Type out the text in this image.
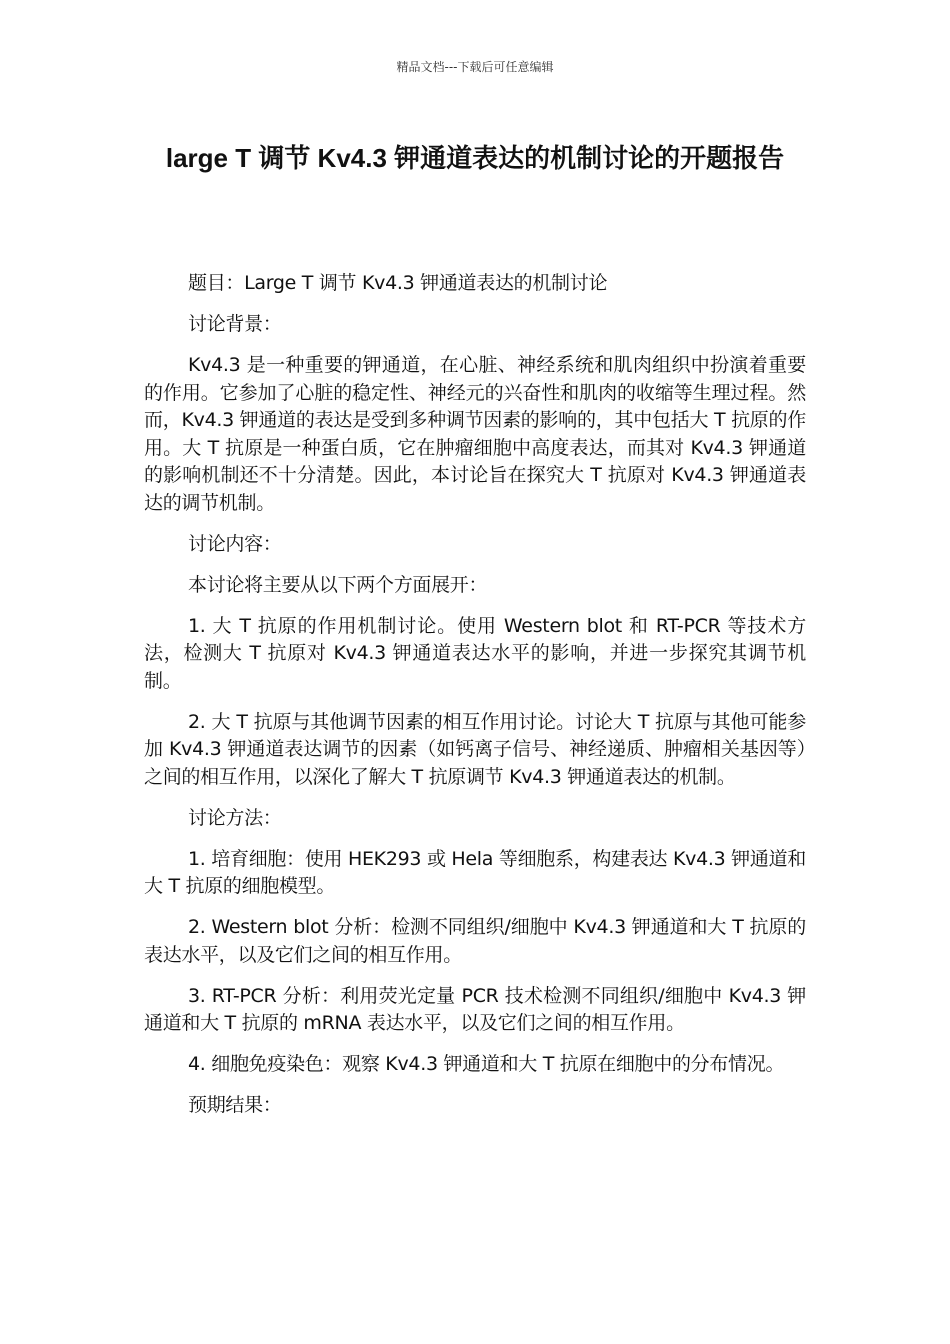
精品文档---下载后可任意编辑
large T 调节 Kv4.3 钾通道表达的机制讨论的开题报告

题目：Large T 调节 Kv4.3 钾通道表达的机制讨论

讨论背景：

Kv4.3 是一种重要的钾通道，在心脏、神经系统和肌肉组织中扮演着重要的作用。它参加了心脏的稳定性、神经元的兴奋性和肌肉的收缩等生理过程。然而，Kv4.3 钾通道的表达是受到多种调节因素的影响的，其中包括大 T 抗原的作用。大 T 抗原是一种蛋白质，它在肿瘤细胞中高度表达，而其对 Kv4.3 钾通道的影响机制还不十分清楚。因此，本讨论旨在探究大 T 抗原对 Kv4.3 钾通道表达的调节机制。

讨论内容：

本讨论将主要从以下两个方面展开：

1. 大 T 抗原的作用机制讨论。使用 Western blot 和 RT-PCR 等技术方法，检测大 T 抗原对 Kv4.3 钾通道表达水平的影响，并进一步探究其调节机制。

2. 大 T 抗原与其他调节因素的相互作用讨论。讨论大 T 抗原与其他可能参加 Kv4.3 钾通道表达调节的因素（如钙离子信号、神经递质、肿瘤相关基因等）之间的相互作用，以深化了解大 T 抗原调节 Kv4.3 钾通道表达的机制。

讨论方法：

1. 培育细胞：使用 HEK293 或 Hela 等细胞系，构建表达 Kv4.3 钾通道和大 T 抗原的细胞模型。

2. Western blot 分析：检测不同组织/细胞中 Kv4.3 钾通道和大 T 抗原的表达水平，以及它们之间的相互作用。

3. RT-PCR 分析：利用荧光定量 PCR 技术检测不同组织/细胞中 Kv4.3 钾通道和大 T 抗原的 mRNA 表达水平，以及它们之间的相互作用。

4. 细胞免疫染色：观察 Kv4.3 钾通道和大 T 抗原在细胞中的分布情况。

预期结果：
